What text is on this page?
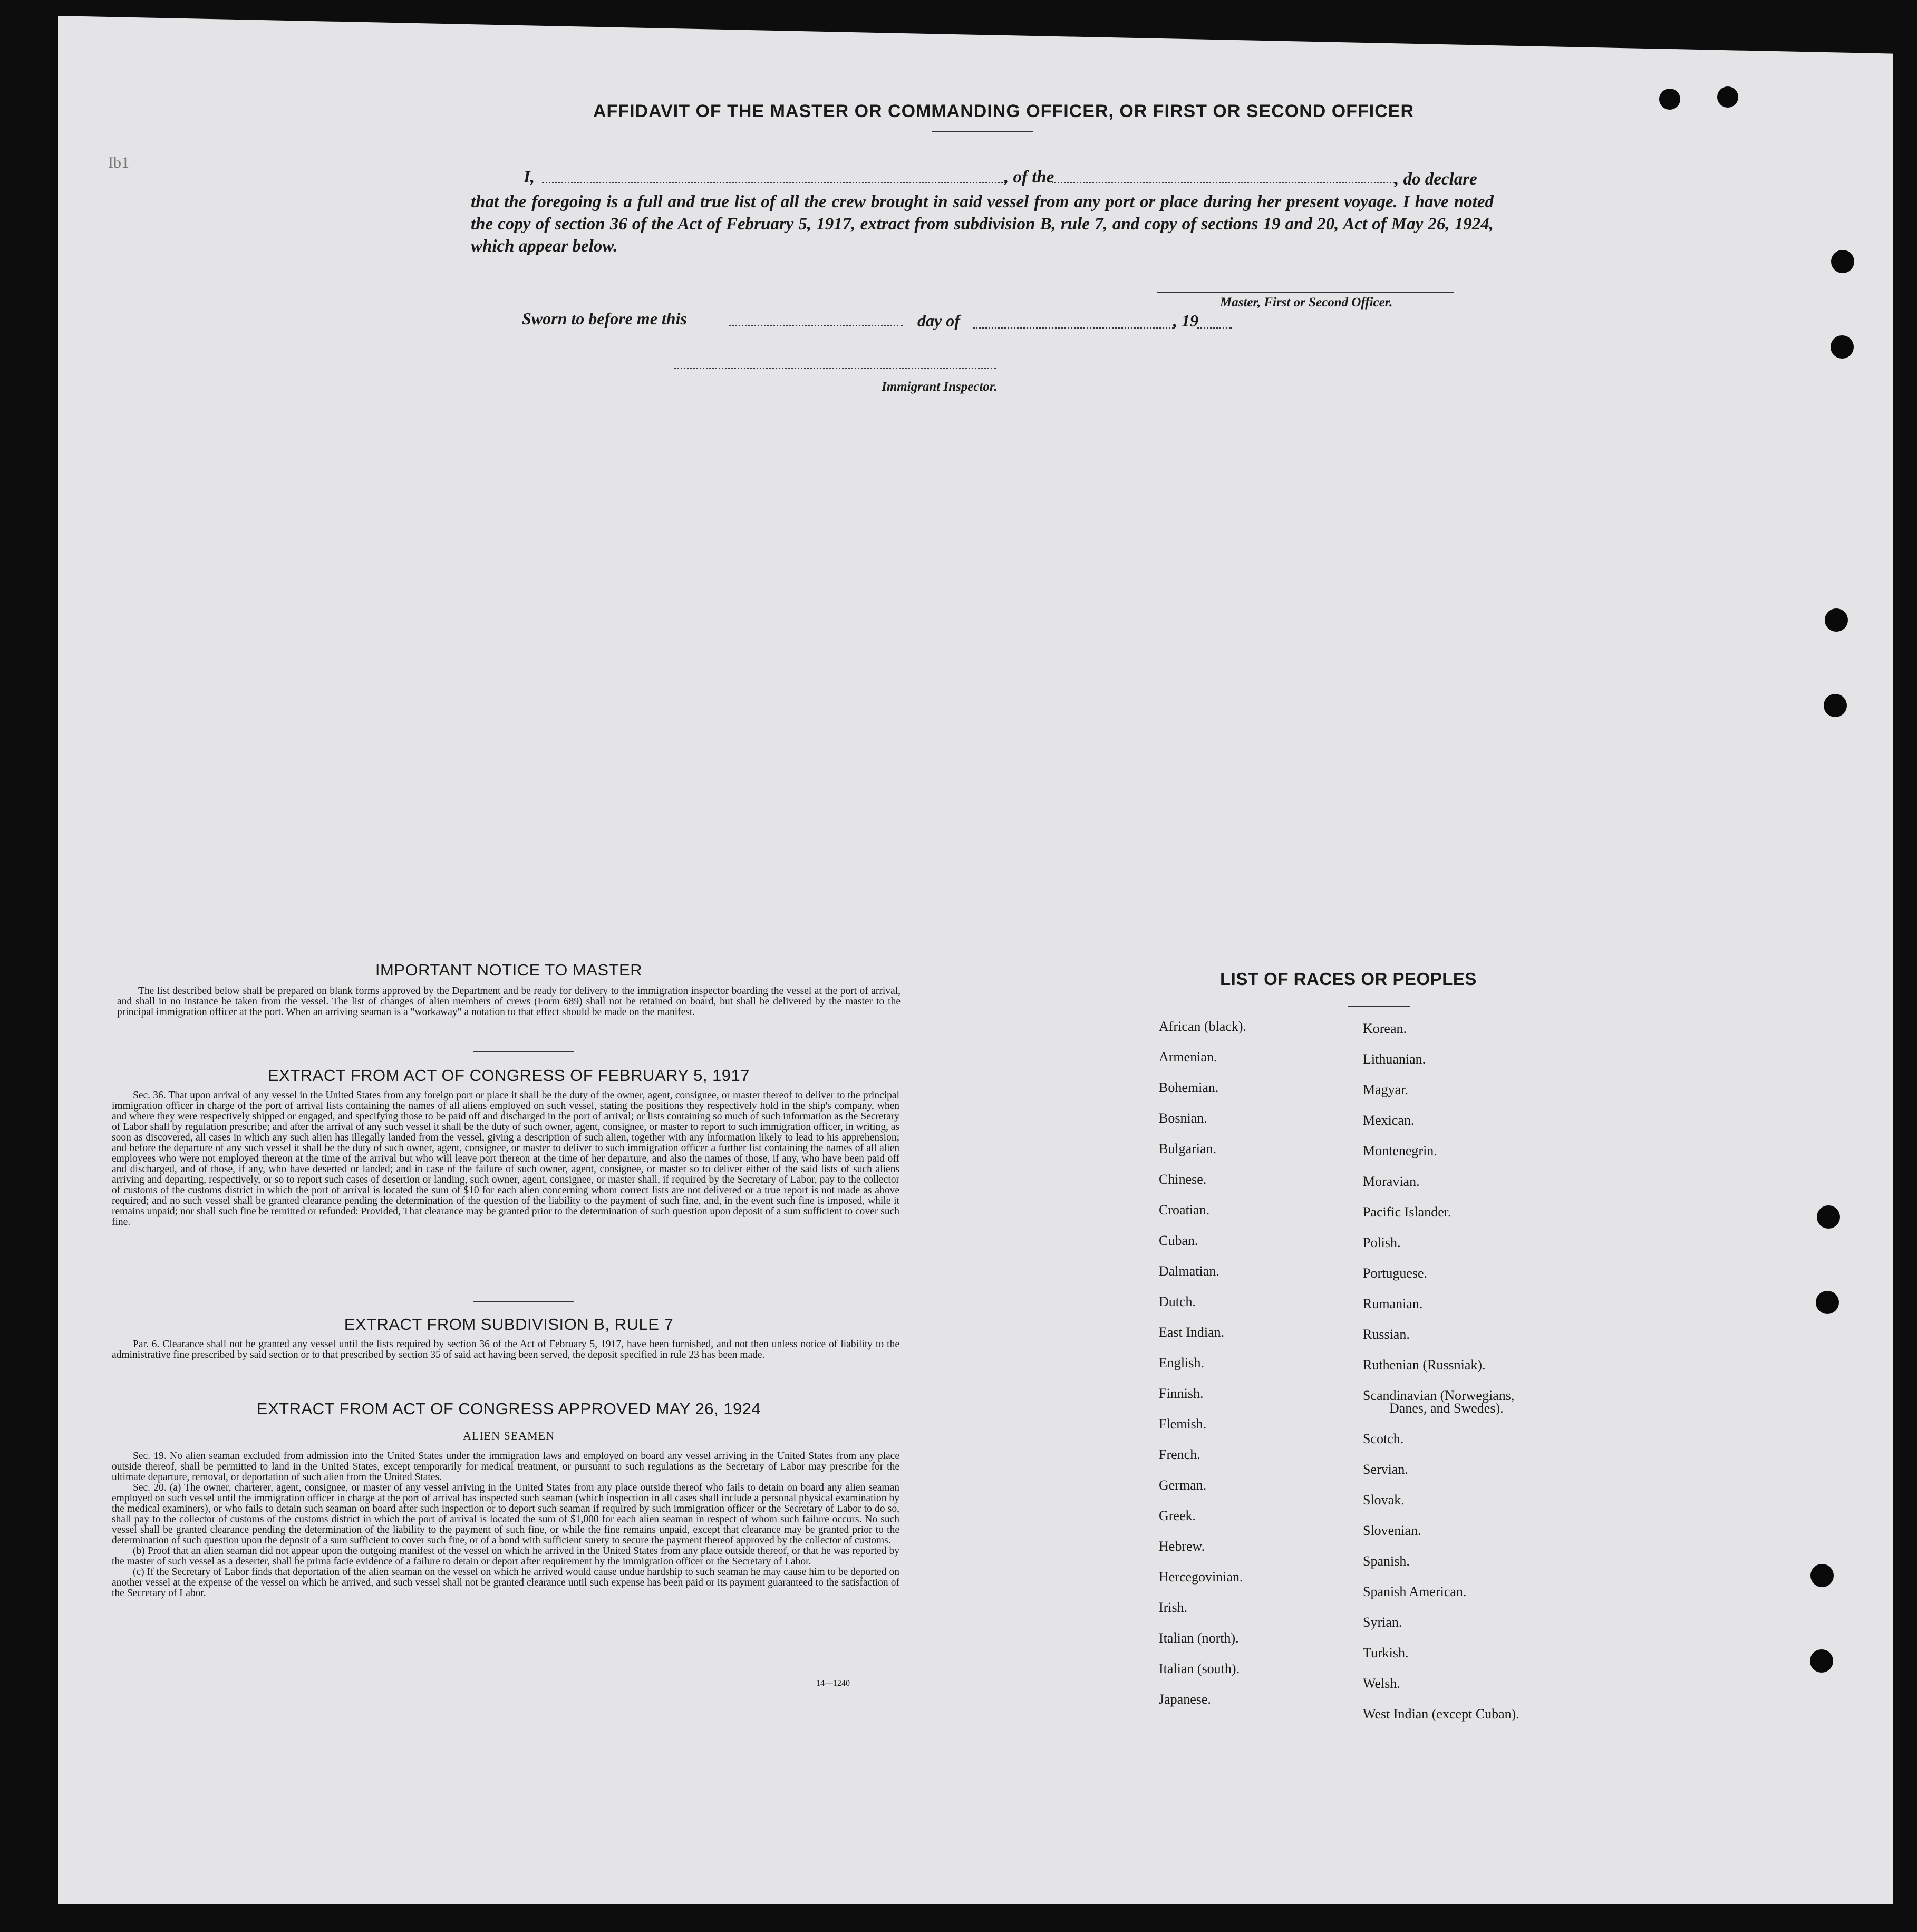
Ib1
AFFIDAVIT OF THE MASTER OR COMMANDING OFFICER, OR FIRST OR SECOND OFFICER
I,	, of the	, do declare
that the foregoing is a full and true list of all the crew brought in said vessel from any port or place during her present voyage. I have noted the copy of section 36 of the Act of February 5, 1917, extract from subdivision B, rule 7, and copy of sections 19 and 20, Act of May 26, 1924, which appear below.
Master, First or Second Officer.
Sworn to before me this	day of	, 19
Immigrant Inspector.
IMPORTANT NOTICE TO MASTER
The list described below shall be prepared on blank forms approved by the Department and be ready for delivery to the immigration inspector boarding the vessel at the port of arrival, and shall in no instance be taken from the vessel. The list of changes of alien members of crews (Form 689) shall not be retained on board, but shall be delivered by the master to the principal immigration officer at the port. When an arriving seaman is a "workaway" a notation to that effect should be made on the manifest.
EXTRACT FROM ACT OF CONGRESS OF FEBRUARY 5, 1917
Sec. 36. That upon arrival of any vessel in the United States from any foreign port or place it shall be the duty of the owner, agent, consignee, or master thereof to deliver to the principal immigration officer in charge of the port of arrival lists containing the names of all aliens employed on such vessel, stating the positions they respectively hold in the ship's company, when and where they were respectively shipped or engaged, and specifying those to be paid off and discharged in the port of arrival; or lists containing so much of such information as the Secretary of Labor shall by regulation prescribe; and after the arrival of any such vessel it shall be the duty of such owner, agent, consignee, or master to report to such immigration officer, in writing, as soon as discovered, all cases in which any such alien has illegally landed from the vessel, giving a description of such alien, together with any information likely to lead to his apprehension; and before the departure of any such vessel it shall be the duty of such owner, agent, consignee, or master to deliver to such immigration officer a further list containing the names of all alien employees who were not employed thereon at the time of the arrival but who will leave port thereon at the time of her departure, and also the names of those, if any, who have been paid off and discharged, and of those, if any, who have deserted or landed; and in case of the failure of such owner, agent, consignee, or master so to deliver either of the said lists of such aliens arriving and departing, respectively, or so to report such cases of desertion or landing, such owner, agent, consignee, or master shall, if required by the Secretary of Labor, pay to the collector of customs of the customs district in which the port of arrival is located the sum of $10 for each alien concerning whom correct lists are not delivered or a true report is not made as above required; and no such vessel shall be granted clearance pending the determination of the question of the liability to the payment of such fine, and, in the event such fine is imposed, while it remains unpaid; nor shall such fine be remitted or refunded: Provided, That clearance may be granted prior to the determination of such question upon deposit of a sum sufficient to cover such fine.
EXTRACT FROM SUBDIVISION B, RULE 7
Par. 6. Clearance shall not be granted any vessel until the lists required by section 36 of the Act of February 5, 1917, have been furnished, and not then unless notice of liability to the administrative fine prescribed by said section or to that prescribed by section 35 of said act having been served, the deposit specified in rule 23 has been made.
EXTRACT FROM ACT OF CONGRESS APPROVED MAY 26, 1924
ALIEN SEAMEN

Sec. 19. No alien seaman excluded from admission into the United States under the immigration laws and employed on board any vessel arriving in the United States from any place outside thereof, shall be permitted to land in the United States, except temporarily for medical treatment, or pursuant to such regulations as the Secretary of Labor may prescribe for the ultimate departure, removal, or deportation of such alien from the United States.

Sec. 20. (a) The owner, charterer, agent, consignee, or master of any vessel arriving in the United States from any place outside thereof who fails to detain on board any alien seaman employed on such vessel until the immigration officer in charge at the port of arrival has inspected such seaman (which inspection in all cases shall include a personal physical examination by the medical examiners), or who fails to detain such seaman on board after such inspection or to deport such seaman if required by such immigration officer or the Secretary of Labor to do so, shall pay to the collector of customs of the customs district in which the port of arrival is located the sum of $1,000 for each alien seaman in respect of whom such failure occurs. No such vessel shall be granted clearance pending the determination of the liability to the payment of such fine, or while the fine remains unpaid, except that clearance may be granted prior to the determination of such question upon the deposit of a sum sufficient to cover such fine, or of a bond with sufficient surety to secure the payment thereof approved by the collector of customs.

(b) Proof that an alien seaman did not appear upon the outgoing manifest of the vessel on which he arrived in the United States from any place outside thereof, or that he was reported by the master of such vessel as a deserter, shall be prima facie evidence of a failure to detain or deport after requirement by the immigration officer or the Secretary of Labor.

(c) If the Secretary of Labor finds that deportation of the alien seaman on the vessel on which he arrived would cause undue hardship to such seaman he may cause him to be deported on another vessel at the expense of the vessel on which he arrived, and such vessel shall not be granted clearance until such expense has been paid or its payment guaranteed to the satisfaction of the Secretary of Labor.

14—1240
LIST OF RACES OR PEOPLES
African (black).
Armenian.
Bohemian.
Bosnian.
Bulgarian.
Chinese.
Croatian.
Cuban.
Dalmatian.
Dutch.
East Indian.
English.
Finnish.
Flemish.
French.
German.
Greek.
Hebrew.
Hercegovinian.
Irish.
Italian (north).
Italian (south).
Japanese.
Korean.
Lithuanian.
Magyar.
Mexican.
Montenegrin.
Moravian.
Pacific Islander.
Polish.
Portuguese.
Rumanian.
Russian.
Ruthenian (Russniak).
Scandinavian (Norwegians,
Danes, and Swedes).
Scotch.
Servian.
Slovak.
Slovenian.
Spanish.
Spanish American.
Syrian.
Turkish.
Welsh.
West Indian (except Cuban).
